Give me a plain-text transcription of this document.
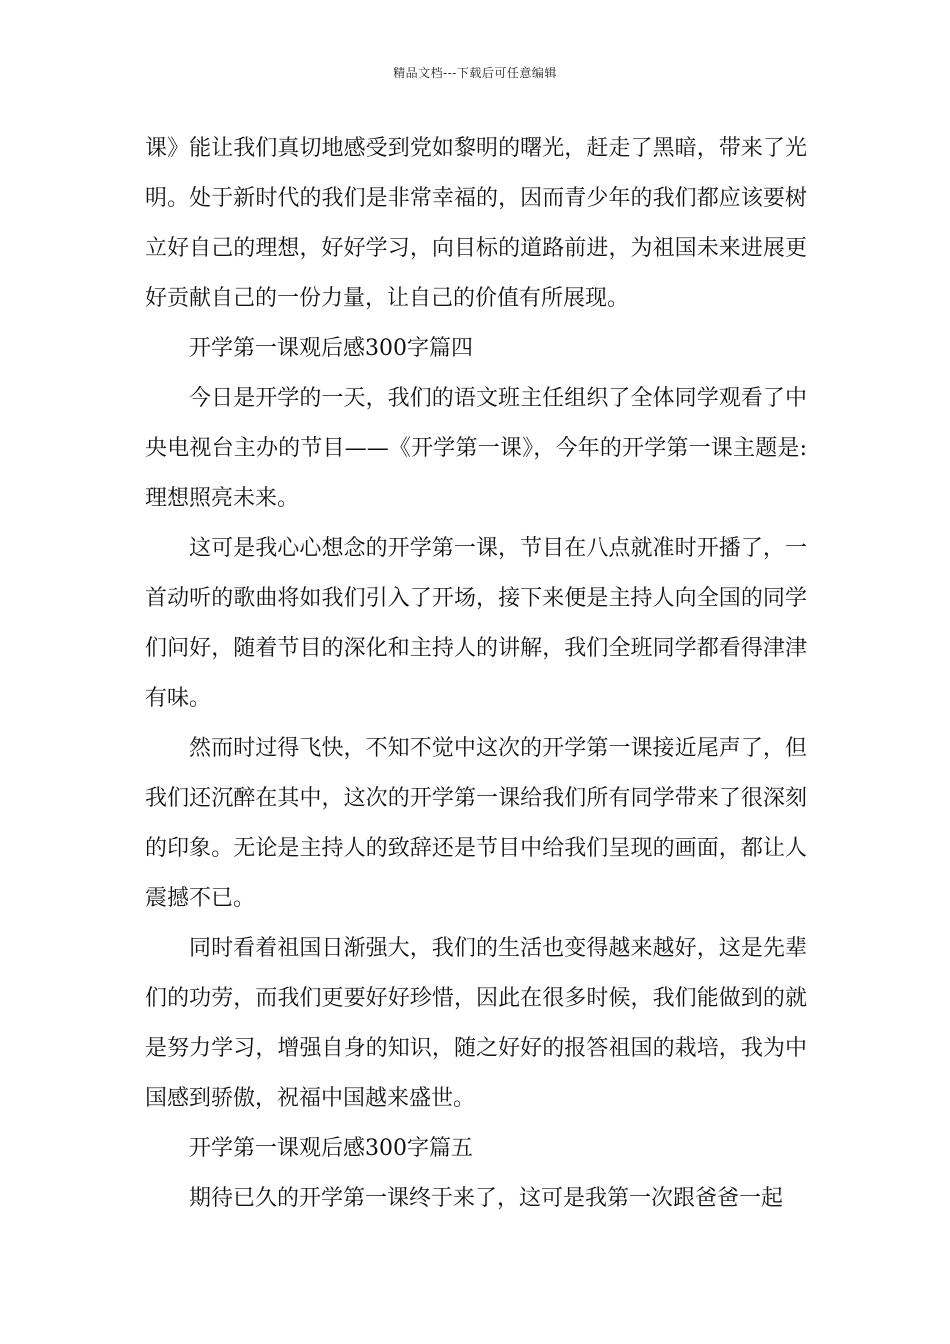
精品文档---下载后可任意编辑

课》能让我们真切地感受到党如黎明的曙光，赶走了黑暗，带来了光明。处于新时代的我们是非常幸福的，因而青少年的我们都应该要树立好自己的理想，好好学习，向目标的道路前进，为祖国未来进展更好贡献自己的一份力量，让自己的价值有所展现。

开学第一课观后感300字篇四

今日是开学的一天，我们的语文班主任组织了全体同学观看了中央电视台主办的节目——《开学第一课》，今年的开学第一课主题是:理想照亮未来。

这可是我心心想念的开学第一课，节目在八点就准时开播了，一首动听的歌曲将如我们引入了开场，接下来便是主持人向全国的同学们问好，随着节目的深化和主持人的讲解，我们全班同学都看得津津有味。

然而时过得飞快，不知不觉中这次的开学第一课接近尾声了，但我们还沉醉在其中，这次的开学第一课给我们所有同学带来了很深刻的印象。无论是主持人的致辞还是节目中给我们呈现的画面，都让人震撼不已。

同时看着祖国日渐强大，我们的生活也变得越来越好，这是先辈们的功劳，而我们更要好好珍惜，因此在很多时候，我们能做到的就是努力学习，增强自身的知识，随之好好的报答祖国的栽培，我为中国感到骄傲，祝福中国越来盛世。

开学第一课观后感300字篇五

期待已久的开学第一课终于来了，这可是我第一次跟爸爸一起
